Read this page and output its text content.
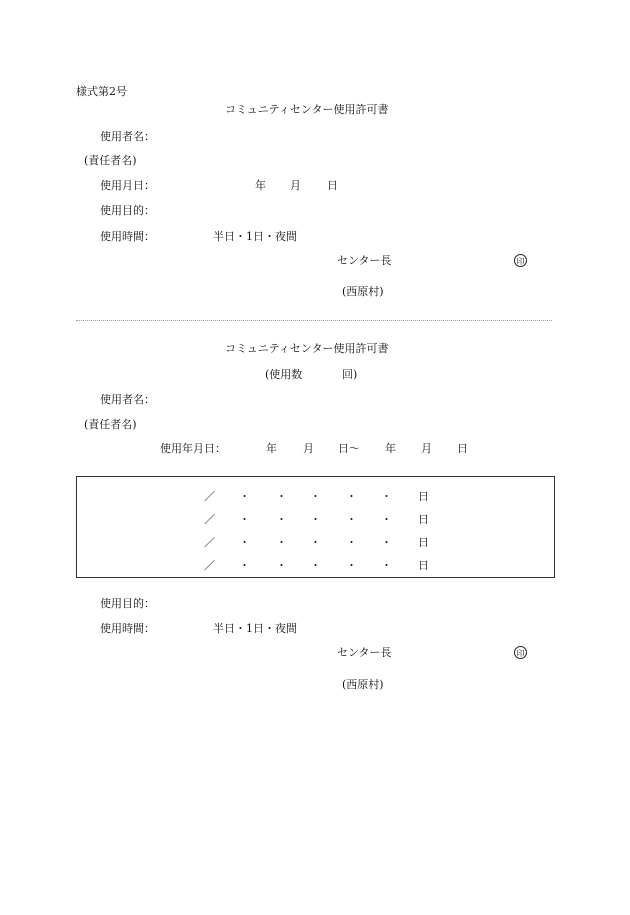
様式第2号
コミュニティセンター使用許可書
使用者名：
(責任者名)
使用月日：	年 月 日
使用目的：
使用時間：	半日・1日・夜間
センター長	印
(西原村)
コミュニティセンター使用許可書
(使用数	回)
使用者名：
(責任者名)
使用年月日：	年 月 日〜 年 月 日
／ ・ ・ ・ ・ ・ 日
／ ・ ・ ・ ・ ・ 日
／ ・ ・ ・ ・ ・ 日
／ ・ ・ ・ ・ ・ 日
使用目的：
使用時間：	半日・1日・夜間
センター長	印
(西原村)
